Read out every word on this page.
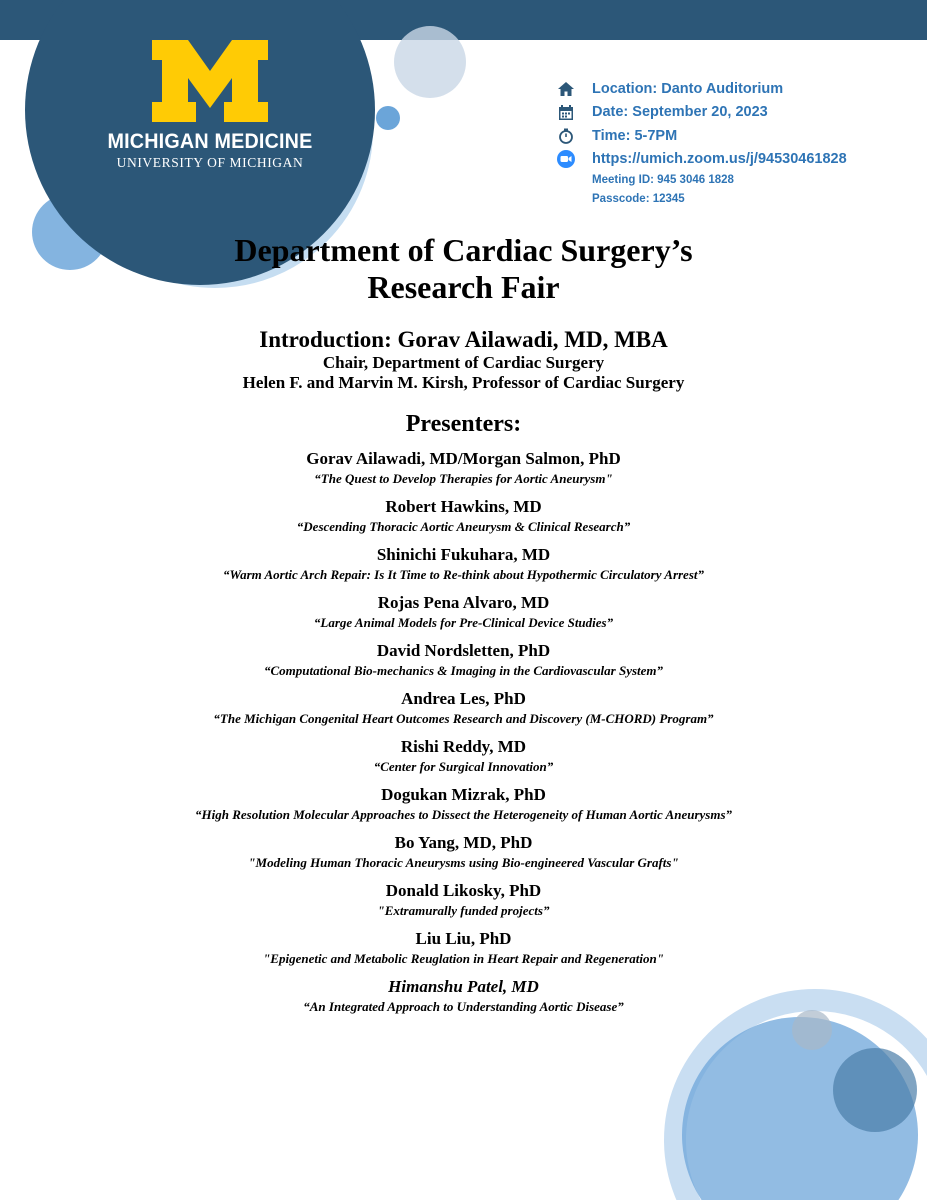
MICHIGAN MEDICINE
UNIVERSITY OF MICHIGAN
Location: Danto Auditorium
Date: September 20, 2023
Time: 5-7PM
https://umich.zoom.us/j/94530461828
Meeting ID: 945 3046 1828
Passcode: 12345
Department of Cardiac Surgery’s
Research Fair
Introduction: Gorav Ailawadi, MD, MBA
Chair, Department of Cardiac Surgery
Helen F. and Marvin M. Kirsh, Professor of Cardiac Surgery
Presenters:
Gorav Ailawadi, MD/Morgan Salmon, PhD
“The Quest to Develop Therapies for Aortic Aneurysm"
Robert Hawkins, MD
“Descending Thoracic Aortic Aneurysm & Clinical Research”
Shinichi Fukuhara, MD
“Warm Aortic Arch Repair: Is It Time to Re-think about Hypothermic Circulatory Arrest”
Rojas Pena Alvaro, MD
“Large Animal Models for Pre-Clinical Device Studies”
David Nordsletten, PhD
“Computational Bio-mechanics & Imaging in the Cardiovascular System”
Andrea Les, PhD
“The Michigan Congenital Heart Outcomes Research and Discovery (M-CHORD) Program”
Rishi Reddy, MD
“Center for Surgical Innovation”
Dogukan Mizrak, PhD
“High Resolution Molecular Approaches to Dissect the Heterogeneity of Human Aortic Aneurysms”
Bo Yang, MD, PhD
"Modeling Human Thoracic Aneurysms using Bio-engineered Vascular Grafts"
Donald Likosky, PhD
"Extramurally funded projects”
Liu Liu, PhD
"Epigenetic and Metabolic Reuglation in Heart Repair and Regeneration"
Himanshu Patel, MD
“An Integrated Approach to Understanding Aortic Disease”
